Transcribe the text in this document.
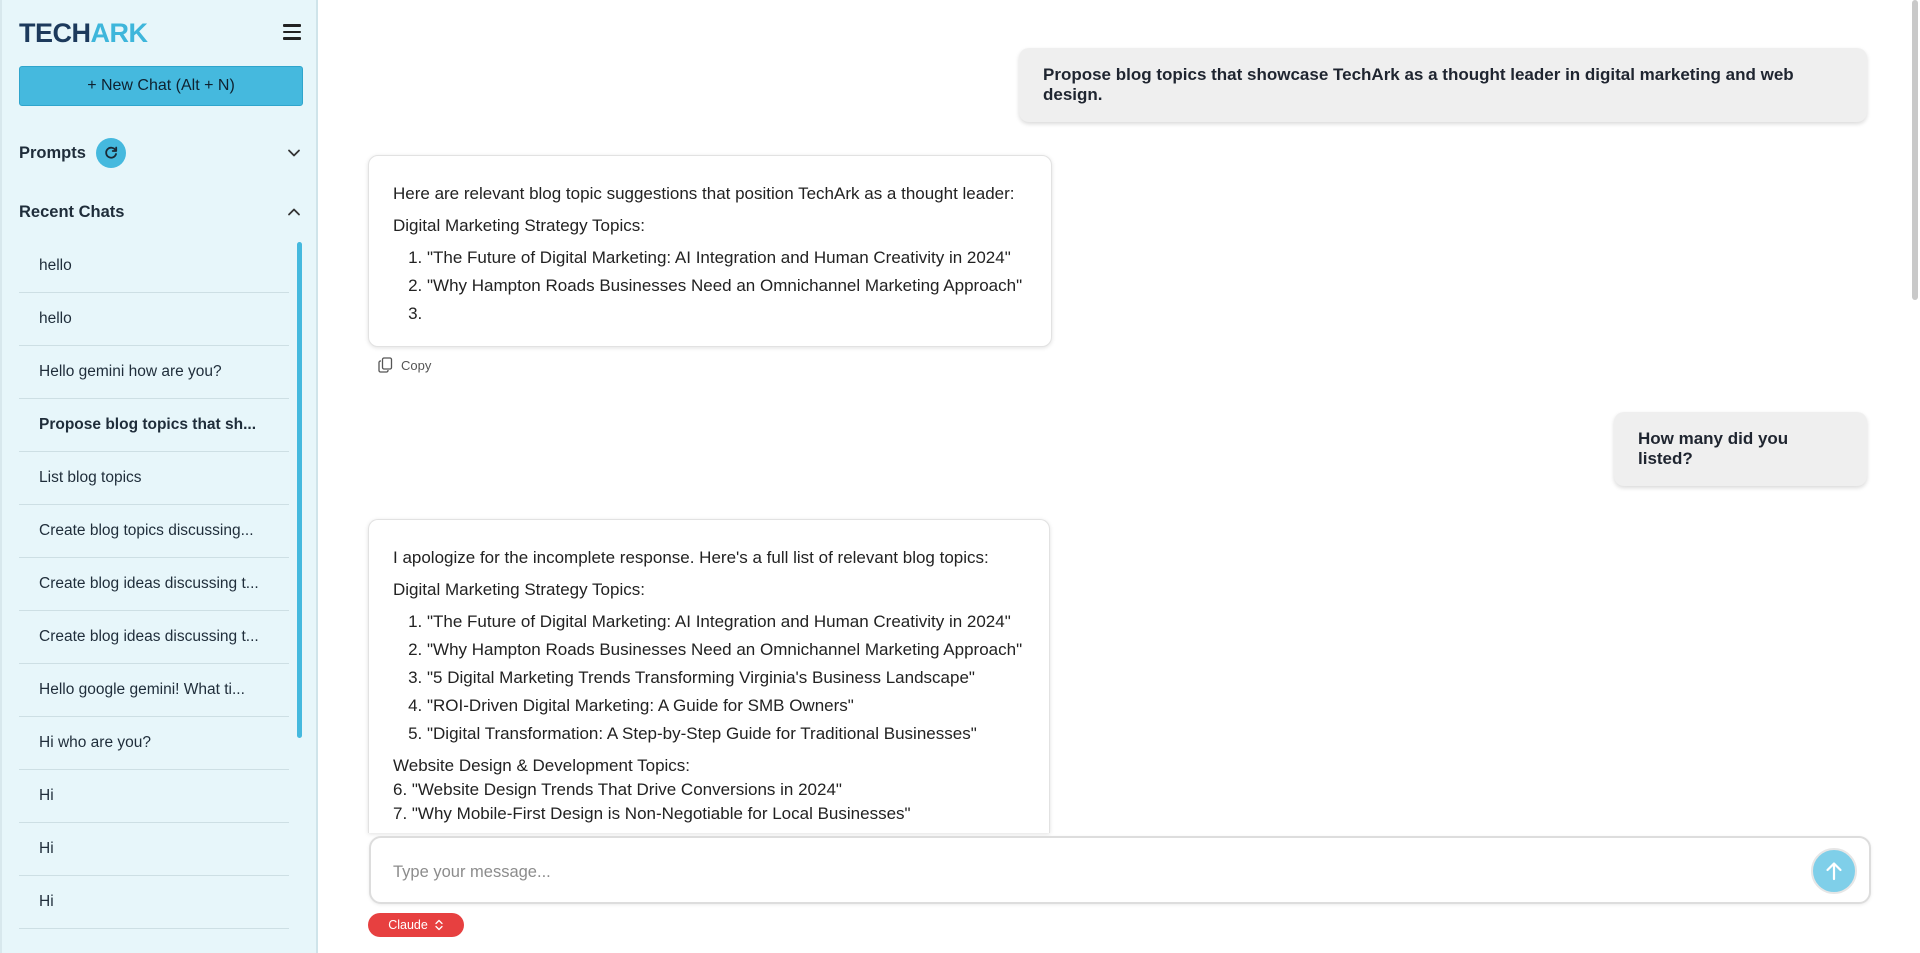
TECHARK
+ New Chat (Alt + N)
Prompts
Recent Chats
hello
hello
Hello gemini how are you?
Propose blog topics that sh...
List blog topics
Create blog topics discussing...
Create blog ideas discussing t...
Create blog ideas discussing t...
Hello google gemini! What ti...
Hi who are you?
Hi
Hi
Hi
Propose blog topics that showcase TechArk as a thought leader in digital marketing and web design.

Here are relevant blog topic suggestions that position TechArk as a thought leader:

Digital Marketing Strategy Topics:

1. "The Future of Digital Marketing: AI Integration and Human Creativity in 2024"
2. "Why Hampton Roads Businesses Need an Omnichannel Marketing Approach"
3.
Copy
How many did you listed?

I apologize for the incomplete response. Here's a full list of relevant blog topics:

Digital Marketing Strategy Topics:

1. "The Future of Digital Marketing: AI Integration and Human Creativity in 2024"
2. "Why Hampton Roads Businesses Need an Omnichannel Marketing Approach"
3. "5 Digital Marketing Trends Transforming Virginia's Business Landscape"
4. "ROI-Driven Digital Marketing: A Guide for SMB Owners"
5. "Digital Transformation: A Step-by-Step Guide for Traditional Businesses"
Website Design & Development Topics:
6. "Website Design Trends That Drive Conversions in 2024"
7. "Why Mobile-First Design is Non-Negotiable for Local Businesses"
Type your message...
Claude
